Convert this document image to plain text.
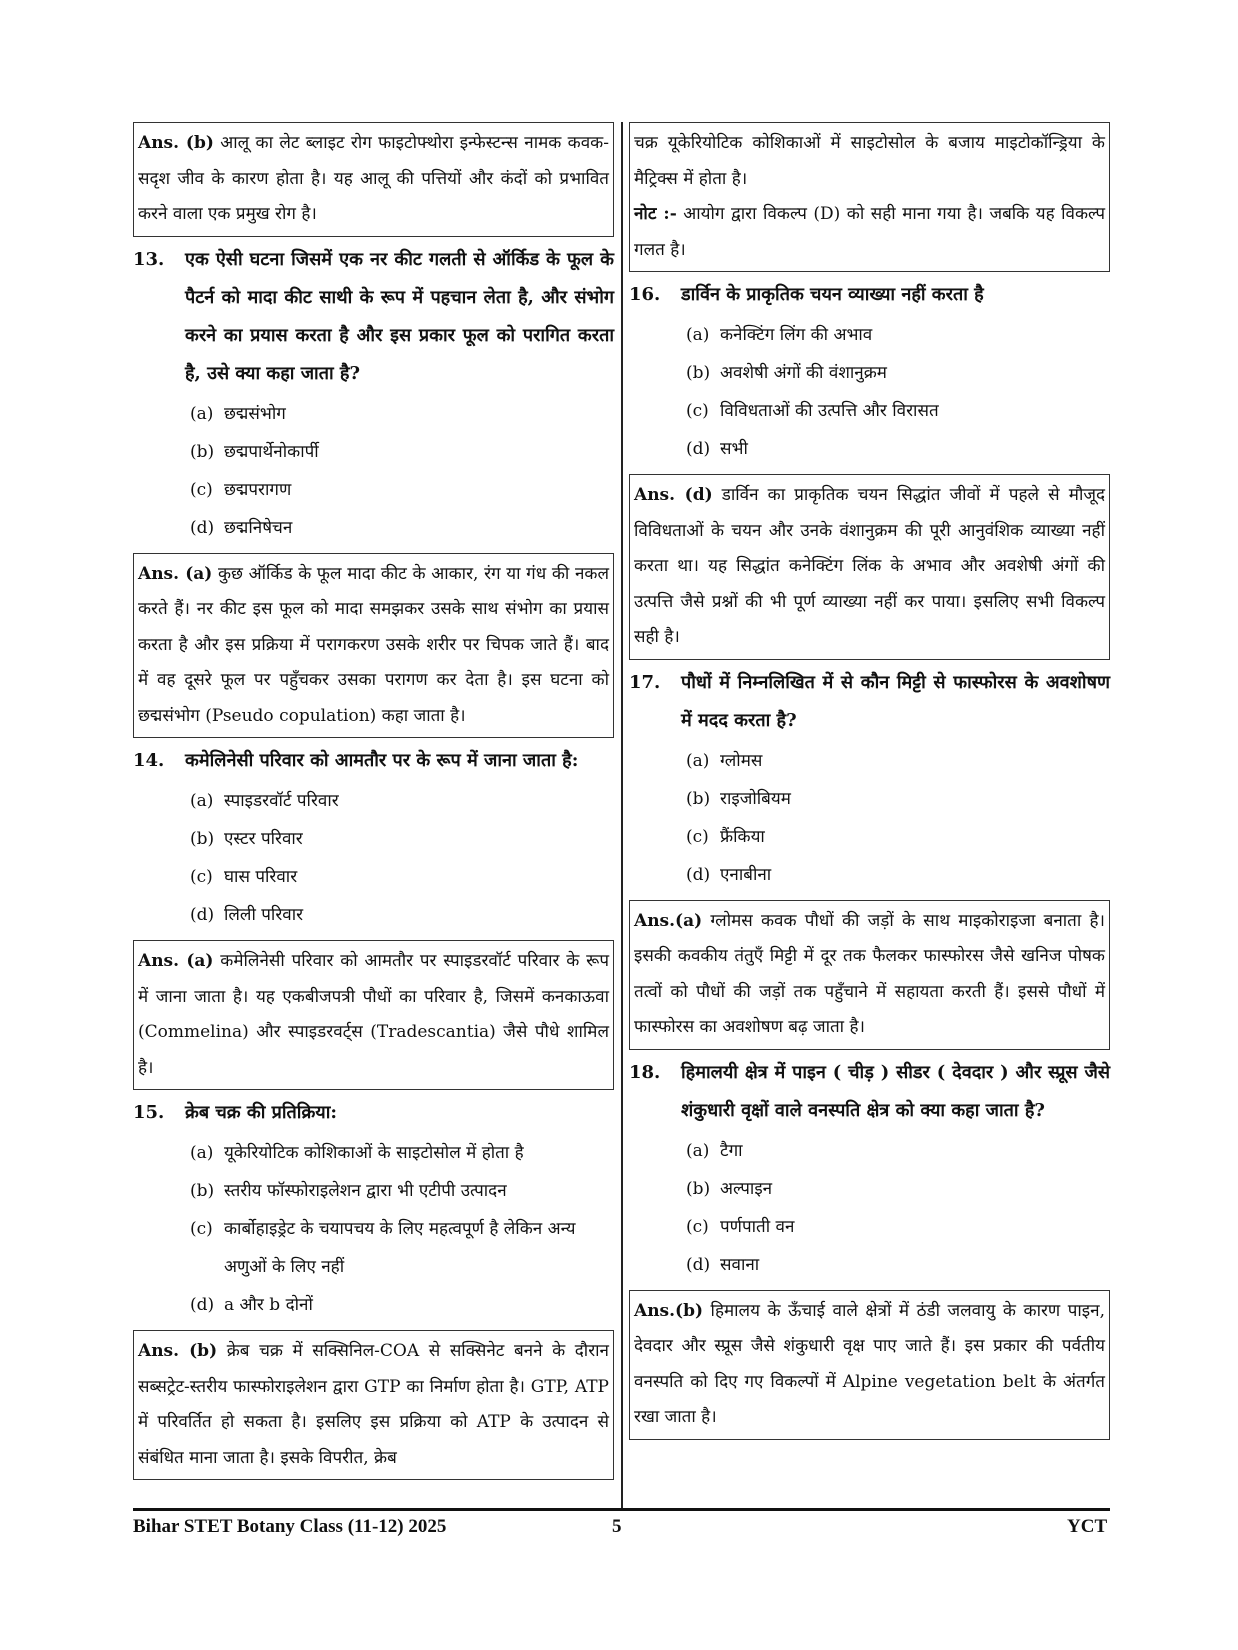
Ans. (b) आलू का लेट ब्लाइट रोग फाइटोफ्थोरा इन्फेस्टन्स नामक कवक-सदृश जीव के कारण होता है। यह आलू की पत्तियों और कंदों को प्रभावित करने वाला एक प्रमुख रोग है।
13. एक ऐसी घटना जिसमें एक नर कीट गलती से ऑर्किड के फूल के पैटर्न को मादा कीट साथी के रूप में पहचान लेता है, और संभोग करने का प्रयास करता है और इस प्रकार फूल को परागित करता है, उसे क्या कहा जाता है?
(a) छद्मसंभोग
(b) छद्मपार्थेनोकार्पी
(c) छद्मपरागण
(d) छद्मनिषेचन
Ans. (a) कुछ ऑर्किड के फूल मादा कीट के आकार, रंग या गंध की नकल करते हैं। नर कीट इस फूल को मादा समझकर उसके साथ संभोग का प्रयास करता है और इस प्रक्रिया में परागकरण उसके शरीर पर चिपक जाते हैं। बाद में वह दूसरे फूल पर पहुँचकर उसका परागण कर देता है। इस घटना को छद्मसंभोग (Pseudo copulation) कहा जाता है।
14. कमेलिनेसी परिवार को आमतौर पर के रूप में जाना जाता है:
(a) स्पाइडरवॉर्ट परिवार
(b) एस्टर परिवार
(c) घास परिवार
(d) लिली परिवार
Ans. (a) कमेलिनेसी परिवार को आमतौर पर स्पाइडरवॉर्ट परिवार के रूप में जाना जाता है। यह एकबीजपत्री पौधों का परिवार है, जिसमें कनकाऊवा (Commelina) और स्पाइडरवर्ट्स (Tradescantia) जैसे पौधे शामिल है।
15. क्रेब चक्र की प्रतिक्रिया:
(a) यूकेरियोटिक कोशिकाओं के साइटोसोल में होता है
(b) स्तरीय फॉस्फोराइलेशन द्वारा भी एटीपी उत्पादन
(c) कार्बोहाइड्रेट के चयापचय के लिए महत्वपूर्ण है लेकिन अन्य अणुओं के लिए नहीं
(d) a और b दोनों
Ans. (b) क्रेब चक्र में सक्सिनिल-COA से सक्सिनेट बनने के दौरान सब्सट्रेट-स्तरीय फास्फोराइलेशन द्वारा GTP का निर्माण होता है। GTP, ATP में परिवर्तित हो सकता है। इसलिए इस प्रक्रिया को ATP के उत्पादन से संबंधित माना जाता है। इसके विपरीत, क्रेब
चक्र यूकेरियोटिक कोशिकाओं में साइटोसोल के बजाय माइटोकॉन्ड्रिया के मैट्रिक्स में होता है।
नोट :- आयोग द्वारा विकल्प (D) को सही माना गया है। जबकि यह विकल्प गलत है।
16. डार्विन के प्राकृतिक चयन व्याख्या नहीं करता है
(a) कनेक्टिंग लिंग की अभाव
(b) अवशेषी अंगों की वंशानुक्रम
(c) विविधताओं की उत्पत्ति और विरासत
(d) सभी
Ans. (d) डार्विन का प्राकृतिक चयन सिद्धांत जीवों में पहले से मौजूद विविधताओं के चयन और उनके वंशानुक्रम की पूरी आनुवंशिक व्याख्या नहीं करता था। यह सिद्धांत कनेक्टिंग लिंक के अभाव और अवशेषी अंगों की उत्पत्ति जैसे प्रश्नों की भी पूर्ण व्याख्या नहीं कर पाया। इसलिए सभी विकल्प सही है।
17. पौधों में निम्नलिखित में से कौन मिट्टी से फास्फोरस के अवशोषण में मदद करता है?
(a) ग्लोमस
(b) राइजोबियम
(c) फ्रैंकिया
(d) एनाबीना
Ans.(a) ग्लोमस कवक पौधों की जड़ों के साथ माइकोराइजा बनाता है। इसकी कवकीय तंतुएँ मिट्टी में दूर तक फैलकर फास्फोरस जैसे खनिज पोषक तत्वों को पौधों की जड़ों तक पहुँचाने में सहायता करती हैं। इससे पौधों में फास्फोरस का अवशोषण बढ़ जाता है।
18. हिमालयी क्षेत्र में पाइन ( चीड़ ) सीडर ( देवदार ) और स्प्रूस जैसे शंकुधारी वृक्षों वाले वनस्पति क्षेत्र को क्या कहा जाता है?
(a) टैगा
(b) अल्पाइन
(c) पर्णपाती वन
(d) सवाना
Ans.(b) हिमालय के ऊँचाई वाले क्षेत्रों में ठंडी जलवायु के कारण पाइन, देवदार और स्प्रूस जैसे शंकुधारी वृक्ष पाए जाते हैं। इस प्रकार की पर्वतीय वनस्पति को दिए गए विकल्पों में Alpine vegetation belt के अंतर्गत रखा जाता है।
Bihar STET Botany Class (11-12) 2025	5	YCT
